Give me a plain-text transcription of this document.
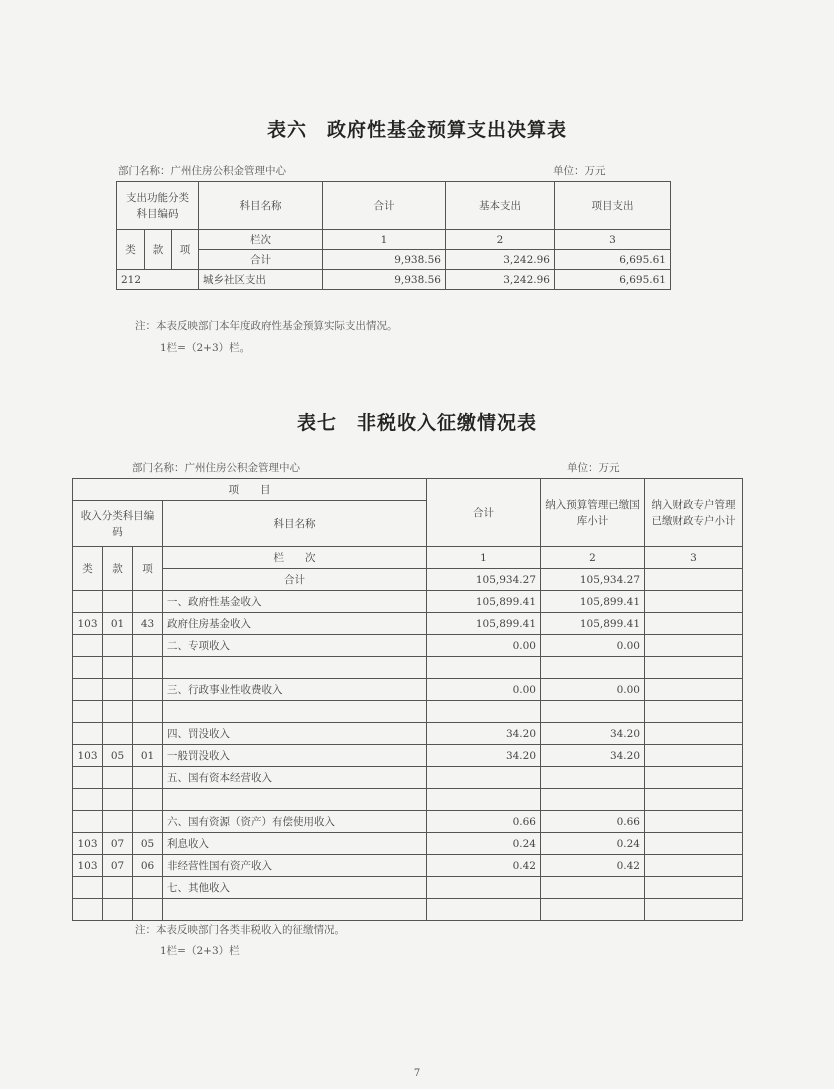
表六　政府性基金预算支出决算表
部门名称：广州住房公积金管理中心	单位：万元
支出功能分类科目编码			科目名称	合计	基本支出	项目支出
类	款	项	栏次	1	2	3
			合计	9,938.56	3,242.96	6,695.61
212			城乡社区支出	9,938.56	3,242.96	6,695.61
注：本表反映部门本年度政府性基金预算实际支出情况。
1栏=（2+3）栏。
表七　非税收入征缴情况表
部门名称：广州住房公积金管理中心	单位：万元
项　　目				合计	纳入预算管理已缴国库小计	纳入财政专户管理已缴财政专户小计
收入分类科目编码			科目名称			
类	款	项	栏　　次	1	2	3
			合计	105,934.27	105,934.27	
			一、政府性基金收入	105,899.41	105,899.41	
103	01	43	政府住房基金收入	105,899.41	105,899.41	
			二、专项收入	0.00	0.00	

			三、行政事业性收费收入	0.00	0.00	

			四、罚没收入	34.20	34.20	
103	05	01	一般罚没收入	34.20	34.20	
			五、国有资本经营收入			

			六、国有资源（资产）有偿使用收入	0.66	0.66	
103	07	05	利息收入	0.24	0.24	
103	07	06	非经营性国有资产收入	0.42	0.42	
			七、其他收入			

注：本表反映部门各类非税收入的征缴情况。
1栏=（2+3）栏
7
